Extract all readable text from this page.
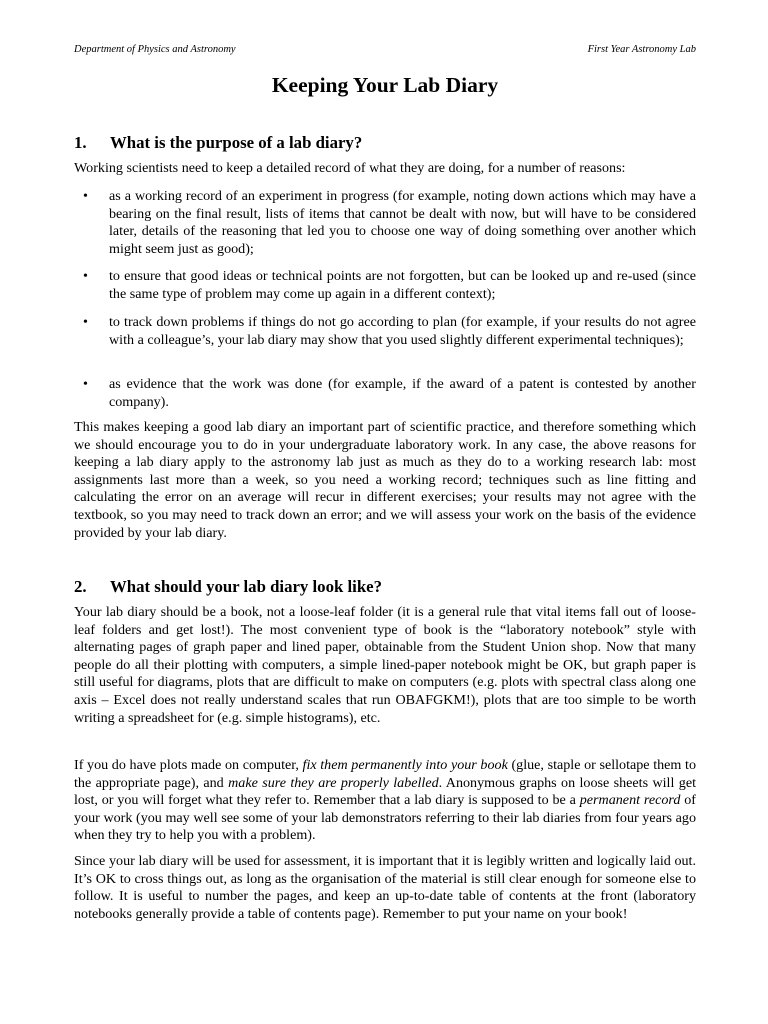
Department of Physics and Astronomy	First Year Astronomy Lab
Keeping Your Lab Diary
1. What is the purpose of a lab diary?

Working scientists need to keep a detailed record of what they are doing, for a number of reasons:

• as a working record of an experiment in progress (for example, noting down actions which may have a bearing on the final result, lists of items that cannot be dealt with now, but will have to be considered later, details of the reasoning that led you to choose one way of doing something over another which might seem just as good);

• to ensure that good ideas or technical points are not forgotten, but can be looked up and re-used (since the same type of problem may come up again in a different context);

• to track down problems if things do not go according to plan (for example, if your results do not agree with a colleague’s, your lab diary may show that you used slightly different experimental techniques);

• as evidence that the work was done (for example, if the award of a patent is contested by another company).

This makes keeping a good lab diary an important part of scientific practice, and therefore something which we should encourage you to do in your undergraduate laboratory work. In any case, the above reasons for keeping a lab diary apply to the astronomy lab just as much as they do to a working research lab: most assignments last more than a week, so you need a working record; techniques such as line fitting and calculating the error on an average will recur in different exercises; your results may not agree with the textbook, so you may need to track down an error; and we will assess your work on the basis of the evidence provided by your lab diary.

2. What should your lab diary look like?

Your lab diary should be a book, not a loose-leaf folder (it is a general rule that vital items fall out of loose-leaf folders and get lost!). The most convenient type of book is the “laboratory notebook” style with alternating pages of graph paper and lined paper, obtainable from the Student Union shop. Now that many people do all their plotting with computers, a simple lined-paper notebook might be OK, but graph paper is still useful for diagrams, plots that are difficult to make on computers (e.g. plots with spectral class along one axis – Excel does not really understand scales that run OBAFGKM!), plots that are too simple to be worth writing a spreadsheet for (e.g. simple histograms), etc.

If you do have plots made on computer, fix them permanently into your book (glue, staple or sellotape them to the appropriate page), and make sure they are properly labelled. Anonymous graphs on loose sheets will get lost, or you will forget what they refer to. Remember that a lab diary is supposed to be a permanent record of your work (you may well see some of your lab demonstrators referring to their lab diaries from four years ago when they try to help you with a problem).

Since your lab diary will be used for assessment, it is important that it is legibly written and logically laid out. It’s OK to cross things out, as long as the organisation of the material is still clear enough for someone else to follow. It is useful to number the pages, and keep an up-to-date table of contents at the front (laboratory notebooks generally provide a table of contents page). Remember to put your name on your book!
